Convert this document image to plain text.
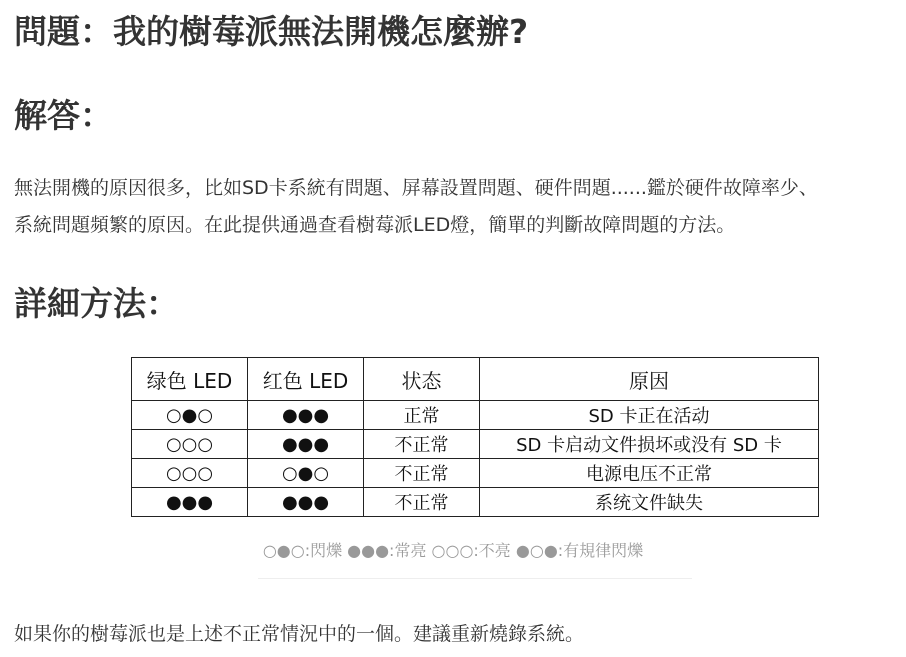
問題：我的樹莓派無法開機怎麼辦?
解答：
無法開機的原因很多，比如SD卡系統有問題、屏幕設置問題、硬件問題......鑑於硬件故障率少、
系統問題頻繁的原因。在此提供通過查看樹莓派LED燈，簡單的判斷故障問題的方法。
詳細方法：
绿色 LED	红色 LED	状态	原因
○●○	●●●	正常	SD 卡正在活动
○○○	●●●	不正常	SD 卡启动文件损坏或没有 SD 卡
○○○	○●○	不正常	电源电压不正常
●●●	●●●	不正常	系统文件缺失
○●○:閃爍 ●●●:常亮 ○○○:不亮 ●○●:有規律閃爍

如果你的樹莓派也是上述不正常情況中的一個。建議重新燒錄系統。
